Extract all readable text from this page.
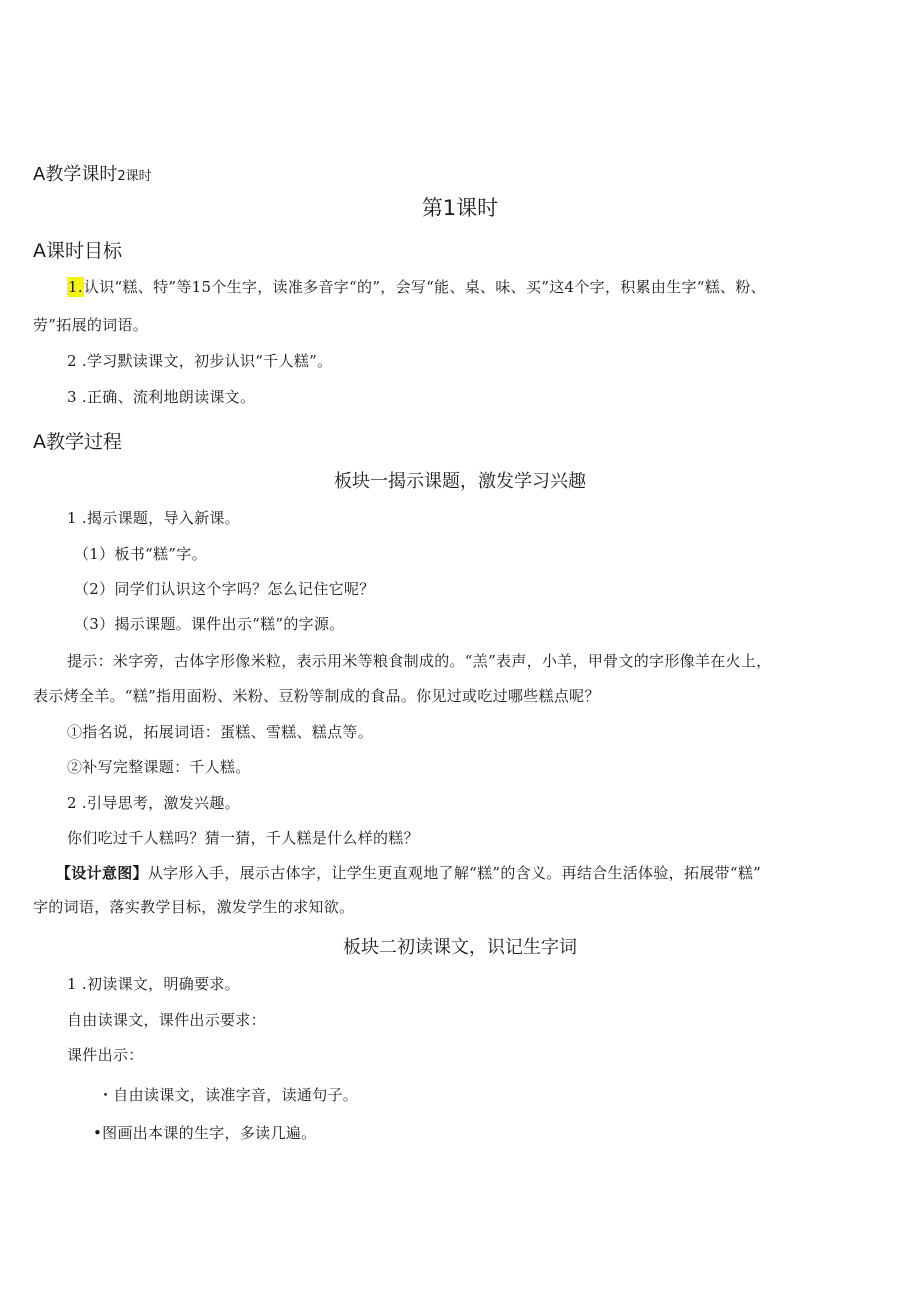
A教学课时2课时
第1课时
A课时目标
1.认识“糕、特”等15个生字，读准多音字“的”，会写“能、桌、味、买”这4个字，积累由生字“糕、粉、
劳”拓展的词语。
2 .学习默读课文，初步认识“千人糕”。
3 .正确、流利地朗读课文。
A教学过程
板块一揭示课题，激发学习兴趣
1 .揭示课题，导入新课。
（1）板书“糕”字。
（2）同学们认识这个字吗？怎么记住它呢？
（3）揭示课题。课件出示“糕”的字源。
提示：米字旁，古体字形像米粒，表示用米等粮食制成的。“羔”表声，小羊，甲骨文的字形像羊在火上，
表示烤全羊。“糕”指用面粉、米粉、豆粉等制成的食品。你见过或吃过哪些糕点呢？
①指名说，拓展词语：蛋糕、雪糕、糕点等。
②补写完整课题：千人糕。
2 .引导思考，激发兴趣。
你们吃过千人糕吗？猜一猜，千人糕是什么样的糕？
【设计意图】从字形入手，展示古体字，让学生更直观地了解“糕”的含义。再结合生活体验，拓展带“糕”
字的词语，落实教学目标，激发学生的求知欲。
板块二初读课文，识记生字词
1 .初读课文，明确要求。
自由读课文，课件出示要求：
课件出示：
・自由读课文，读准字音，读通句子。
•图画出本课的生字，多读几遍。
